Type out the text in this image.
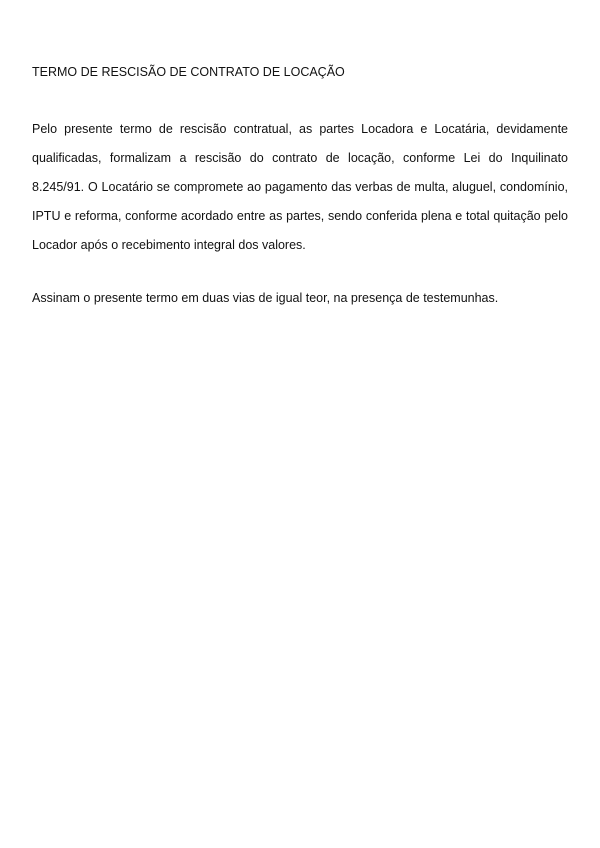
TERMO DE RESCISÃO DE CONTRATO DE LOCAÇÃO

Pelo presente termo de rescisão contratual, as partes Locadora e Locatária, devidamente qualificadas, formalizam a rescisão do contrato de locação, conforme Lei do Inquilinato 8.245/91. O Locatário se compromete ao pagamento das verbas de multa, aluguel, condomínio, IPTU e reforma, conforme acordado entre as partes, sendo conferida plena e total quitação pelo Locador após o recebimento integral dos valores.

Assinam o presente termo em duas vias de igual teor, na presença de testemunhas.
